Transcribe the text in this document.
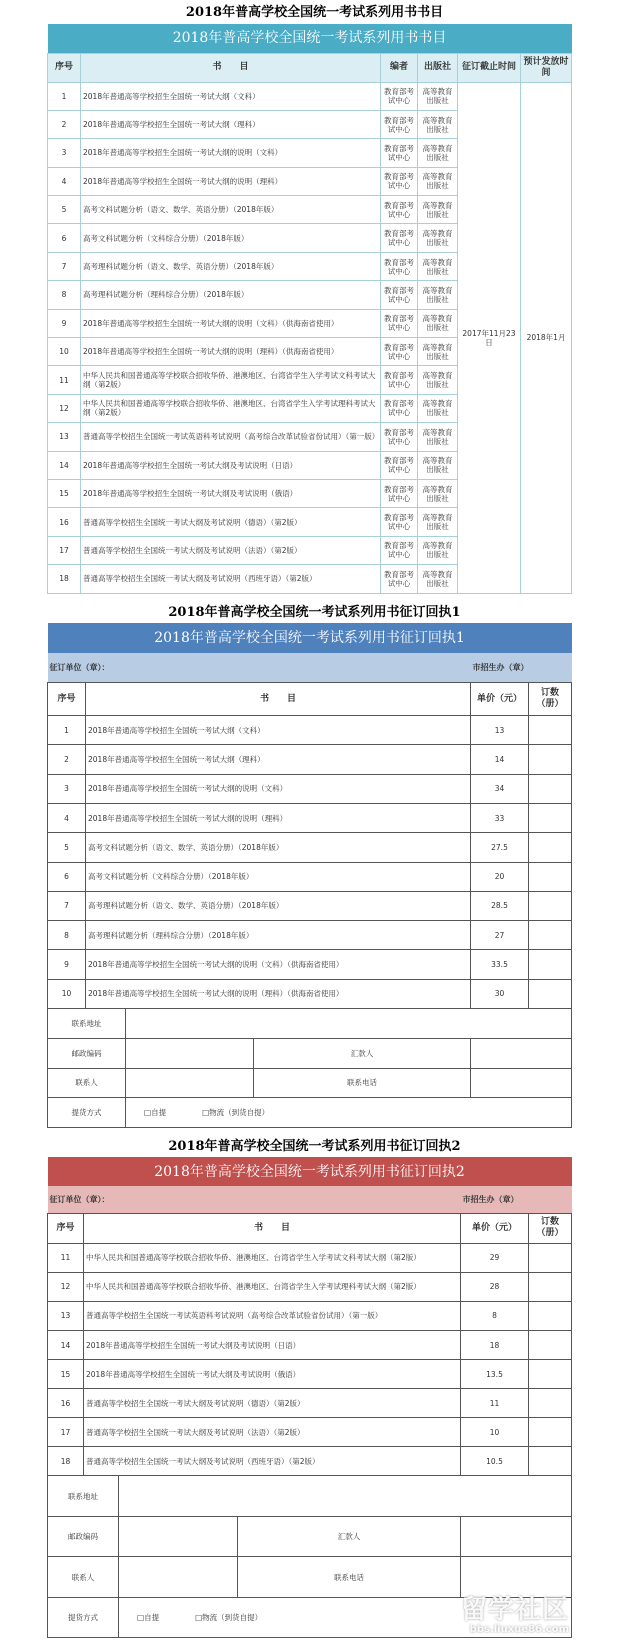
2018年普高学校全国统一考试系列用书书目
2018年普高学校全国统一考试系列用书书目					
序号	书　　目	编者	出版社	征订截止时间	预计发放时间
1	2018年普通高等学校招生全国统一考试大纲（文科）	教育部考试中心	高等教育出版社	2017年11月23日	2018年1月
2	2018年普通高等学校招生全国统一考试大纲（理科）	教育部考试中心	高等教育出版社		
3	2018年普通高等学校招生全国统一考试大纲的说明（文科）	教育部考试中心	高等教育出版社		
4	2018年普通高等学校招生全国统一考试大纲的说明（理科）	教育部考试中心	高等教育出版社		
5	高考文科试题分析（语文、数学、英语分册）（2018年版）	教育部考试中心	高等教育出版社		
6	高考文科试题分析（文科综合分册）（2018年版）	教育部考试中心	高等教育出版社		
7	高考理科试题分析（语文、数学、英语分册）（2018年版）	教育部考试中心	高等教育出版社		
8	高考理科试题分析（理科综合分册）（2018年版）	教育部考试中心	高等教育出版社		
9	2018年普通高等学校招生全国统一考试大纲的说明（文科）（供海南省使用）	教育部考试中心	高等教育出版社		
10	2018年普通高等学校招生全国统一考试大纲的说明（理科）（供海南省使用）	教育部考试中心	高等教育出版社		
11	中华人民共和国普通高等学校联合招收华侨、港澳地区、台湾省学生入学考试文科考试大纲（第2版）	教育部考试中心	高等教育出版社		
12	中华人民共和国普通高等学校联合招收华侨、港澳地区、台湾省学生入学考试理科考试大纲（第2版）	教育部考试中心	高等教育出版社		
13	普通高等学校招生全国统一考试英语科考试说明（高考综合改革试验省份试用）（第一版）	教育部考试中心	高等教育出版社		
14	2018年普通高等学校招生全国统一考试大纲及考试说明（日语）	教育部考试中心	高等教育出版社		
15	2018年普通高等学校招生全国统一考试大纲及考试说明（俄语）	教育部考试中心	高等教育出版社		
16	普通高等学校招生全国统一考试大纲及考试说明（德语）（第2版）	教育部考试中心	高等教育出版社		
17	普通高等学校招生全国统一考试大纲及考试说明（法语）（第2版）	教育部考试中心	高等教育出版社		
18	普通高等学校招生全国统一考试大纲及考试说明（西班牙语）（第2版）	教育部考试中心	高等教育出版社		
2018年普高学校全国统一考试系列用书征订回执1
2018年普高学校全国统一考试系列用书征订回执1					
征订单位（章）：				市招生办（章）	
序号	书　　目			单价（元）	订数（册）
1	2018年普通高等学校招生全国统一考试大纲（文科）			13	
2	2018年普通高等学校招生全国统一考试大纲（理科）			14	
3	2018年普通高等学校招生全国统一考试大纲的说明（文科）			34	
4	2018年普通高等学校招生全国统一考试大纲的说明（理科）			33	
5	高考文科试题分析（语文、数学、英语分册）（2018年版）			27.5	
6	高考文科试题分析（文科综合分册）（2018年版）			20	
7	高考理科试题分析（语文、数学、英语分册）（2018年版）			28.5	
8	高考理科试题分析（理科综合分册）（2018年版）			27	
9	2018年普通高等学校招生全国统一考试大纲的说明（文科）（供海南省使用）			33.5	
10	2018年普通高等学校招生全国统一考试大纲的说明（理科）（供海南省使用）			30	
联系地址					
邮政编码			汇款人		
联系人			联系电话		
提货方式		□自提 □物流（到货自提）			
2018年普高学校全国统一考试系列用书征订回执2
2018年普高学校全国统一考试系列用书征订回执2					
征订单位（章）：				市招生办（章）	
序号	书　　目			单价（元）	订数（册）
11	中华人民共和国普通高等学校联合招收华侨、港澳地区、台湾省学生入学考试文科考试大纲（第2版）			29	
12	中华人民共和国普通高等学校联合招收华侨、港澳地区、台湾省学生入学考试理科考试大纲（第2版）			28	
13	普通高等学校招生全国统一考试英语科考试说明（高考综合改革试验省份试用）（第一版）			8	
14	2018年普通高等学校招生全国统一考试大纲及考试说明（日语）			18	
15	2018年普通高等学校招生全国统一考试大纲及考试说明（俄语）			13.5	
16	普通高等学校招生全国统一考试大纲及考试说明（德语）（第2版）			11	
17	普通高等学校招生全国统一考试大纲及考试说明（法语）（第2版）			10	
18	普通高等学校招生全国统一考试大纲及考试说明（西班牙语）（第2版）			10.5	
联系地址					
邮政编码			汇款人		
联系人			联系电话		
提货方式		□自提 □物流（到货自提）				留学社区
bbs.liuxue86.com
